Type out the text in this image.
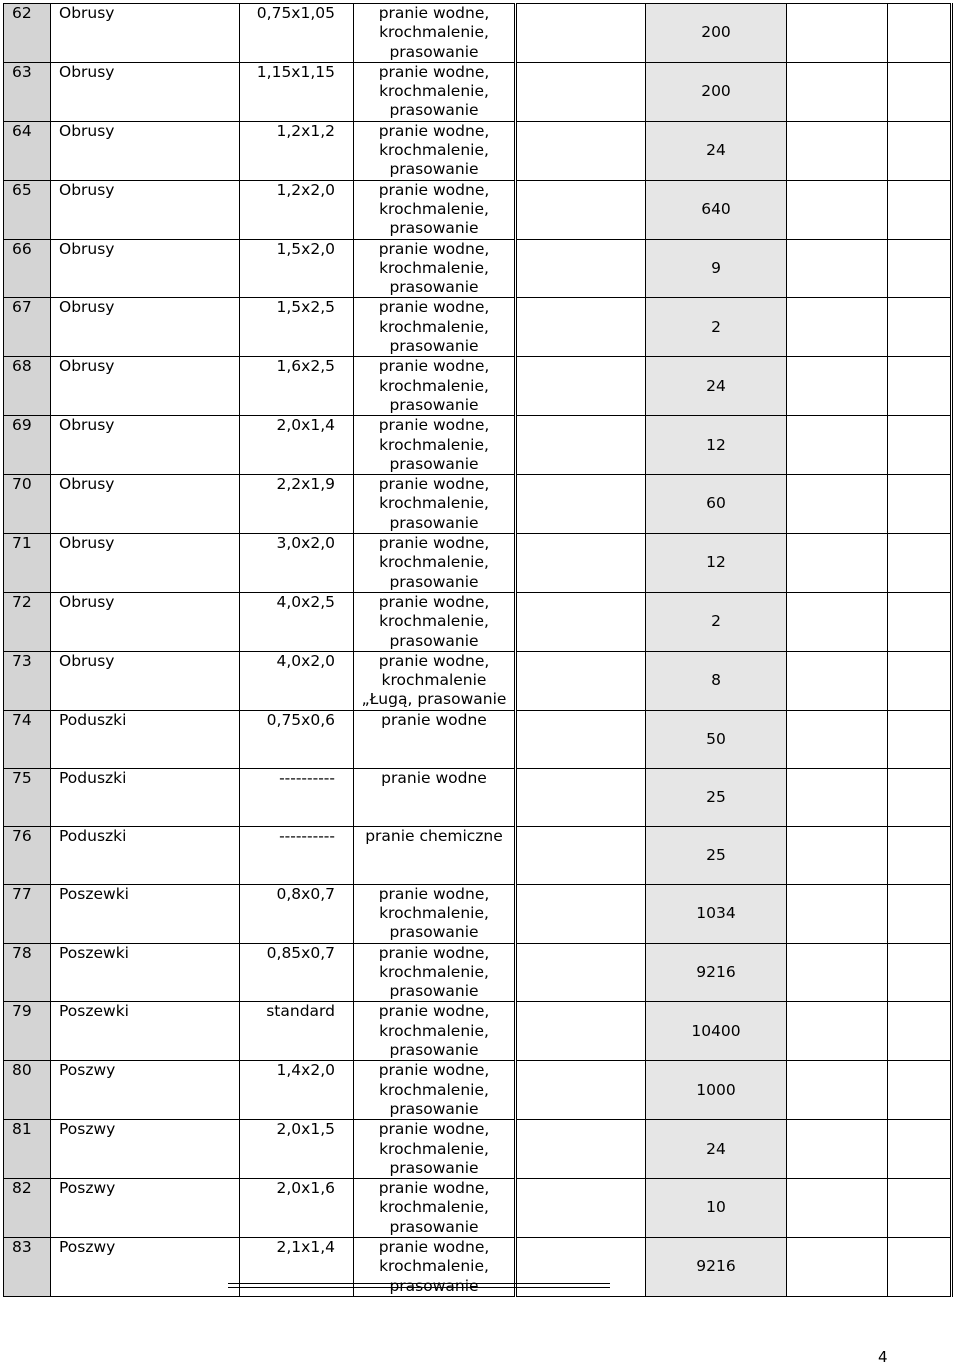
62	Obrusy	0,75x1,05	pranie wodne,
krochmalenie,
prasowanie		200		
63	Obrusy	1,15x1,15	pranie wodne,
krochmalenie,
prasowanie		200		
64	Obrusy	1,2x1,2	pranie wodne,
krochmalenie,
prasowanie		24		
65	Obrusy	1,2x2,0	pranie wodne,
krochmalenie,
prasowanie		640		
66	Obrusy	1,5x2,0	pranie wodne,
krochmalenie,
prasowanie		9		
67	Obrusy	1,5x2,5	pranie wodne,
krochmalenie,
prasowanie		2		
68	Obrusy	1,6x2,5	pranie wodne,
krochmalenie,
prasowanie		24		
69	Obrusy	2,0x1,4	pranie wodne,
krochmalenie,
prasowanie		12		
70	Obrusy	2,2x1,9	pranie wodne,
krochmalenie,
prasowanie		60		
71	Obrusy	3,0x2,0	pranie wodne,
krochmalenie,
prasowanie		12		
72	Obrusy	4,0x2,5	pranie wodne,
krochmalenie,
prasowanie		2		
73	Obrusy	4,0x2,0	pranie wodne,
krochmalenie
„Ługą, prasowanie		8		
74	Poduszki	0,75x0,6	pranie wodne		50		
75	Poduszki	----------	pranie wodne		25		
76	Poduszki	----------	pranie chemiczne		25		
77	Poszewki	0,8x0,7	pranie wodne,
krochmalenie,
prasowanie		1034		
78	Poszewki	0,85x0,7	pranie wodne,
krochmalenie,
prasowanie		9216		
79	Poszewki	standard	pranie wodne,
krochmalenie,
prasowanie		10400		
80	Poszwy	1,4x2,0	pranie wodne,
krochmalenie,
prasowanie		1000		
81	Poszwy	2,0x1,5	pranie wodne,
krochmalenie,
prasowanie		24		
82	Poszwy	2,0x1,6	pranie wodne,
krochmalenie,
prasowanie		10		
83	Poszwy	2,1x1,4	pranie wodne,
krochmalenie,
prasowanie		9216		
4
